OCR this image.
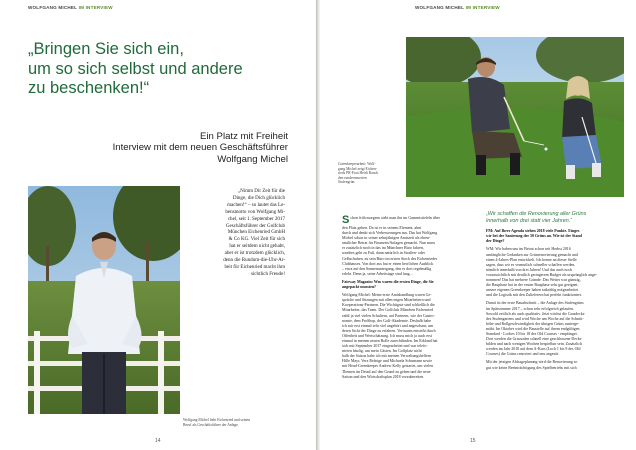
WOLFGANG MICHEL IM INTERVIEW
„Bringen Sie sich ein,
um so sich selbst und andere
zu beschenken!“
Ein Platz mit Freiheit
Interview mit dem neuen Geschäftsführer
Wolfgang Michel
„Nimm Dir Zeit für die
Dinge, die Dich glücklich
machen!“ – so lautet das Le-
bensmotto von Wolfgang Mi-
chel, seit 1. September 2017
Geschäftsführer der Golfclub
München Eichenried GmbH
& Co KG. Viel Zeit für sich
hat er seitdem nicht gehabt,
aber er ist trotzdem glücklich,
denn die Rundum-die-Uhr-Ar-
beit für Eichenried macht ihm
sichtlich Freude!
Wolfgang Michel liebt Eichenried und seinen
Beruf als Geschäftsführer der Anlage.
14
WOLFGANG MICHEL IM INTERVIEW
Greenkeeperarbeit: Wolf-
gang Michel zeigt Eichen-
rieds PR-Frau Heidi Rauch
den runderneuerten
Stufengrün.

Schon früh morgens sieht man ihn im Gummistiefeln über
den Platz gehen. Da ist er in seinem Element, ahnt
durch und denkt sich Verbesserungen aus. Das hat Wolfgang
Michel schon in seiner zehnjährigen Amtszeit als ehren-
amtlicher Beirat für Finanzen/Anlagen gemacht. Nun muss
er zusätzlich noch in das im Münchner Büro fahren,
sondern geht zu Fuß, dann natürlich in Straßen- oder
Gelbschuhen, zu sein Büro im ersten Stock des Eichenrieder
Clubhauses. Von dort aus hat er einen herrlichen Ausblick
– etwa auf den Sonnenuntergang, den er dort regelmäßig
erlebt. Denn ja, seine Arbeitstage sind lang…

Fairway Magazin: Was waren die ersten Dinge, die Sie
angepackt mussten?

Wolfgang Michel: Meine erste Amtshandlung waren Ge-
spräche und Sitzungen mit allen engen Mitarbeitern und
Kooperations-Partnern. Die Wichtigste sind schließlich die
Mitarbeiter, das Team. Der Golfclub München Eichenried
zahlt ja viel vielen Schultern, auf Partnern, wie der Gastro-
nomie, dem ProShop, der Golf-Akademie. Deshalb habe
ich mir erst einmal sehr viel angehört und angeschaut, um
deren Sicht der Dinge zu erfahren. Vertrauen entsteht durch
Offenheit und Wertschätzung. Ich muss mich ja auch erst
einmal in meinen neuen Rolle zurechtfinden. Im Erkland hat
sich mit September 2017 eingearbeitet und war telefo-
nieren häufig, um mein Gästen. Im Golfplatz nicht
halb der Saison habe ich mit meinen Verwaltungshelfern
Hille Mayr, Vera Rehrige und Michaela Schumann sowie
mit Head-Greenkeeper Andrew Kelly gestartet, um vielen
Themen im Detail auf den Grund zu gehen und die neue
Saison und den Wirtschaftsplan 2018 vorzubereiten.

„Wir schaffen die Renovierung aller Grüns
innerhalb von drei statt vier Jahren.“

FM: Auf Ihrer Agenda stehen 2018 viele Punkte. Einges
wir bei der Sanierung der 50 Grüns an. Wie ist der Stand
der Dinge?

WM: Wir haben uns im Beirat schon seit Herbst 2016
umfängliche Gedanken zur Grünrenovierung gemacht und
einen 4-Jahres-Plan entwickelt. Ich kenne an dieser Stelle
sagen, dass wir es vermutlich schneller schaffen werden,
nämlich innerhalb von drei Jahren! Und das auch noch
voraussichtlich mit deutlich geringerem Budget als ursprünglich ange-
nommen! Das hat mehrere Gründe: Das Wetter war günstig,
die Bauphase hat in der ersten Bauphase sehr gut geeignet,
unsere eigenen Greenkeeper haben tatkräftig mitgearbeitet
und die Logistik mit den Zulieferern hat perfekt funktioniert.

Damit ist der erste Bauabschnitt – die Anlage des Stufengrüns
im Spätsommer 2017 – schon sehr erfolgreich gelaufen.
Sowohl zeitlich als auch qualitativ. Jetzt wächst die Grasdecke
des Stufengartens und wird Woche um Woche auf die Schnitt-
höhe und Rollgeschwindigkeit der übrigen Grüns runterge-
mäht. Im Oktober wird die Baustelle auf ihrem endgültigen
Standard - Loches 10 bis 18 des Old Courses - empfänget.
Dort werden die Grassoden schnell eine geschlossene Decke
bilden und nach wenigen Wochen bespielbar sein. Zusätzlich
werden im Jahr 2018 auf dem A-Kurs (Loch 1 bis 9 des Old
Courses) die Grüns renoviert und neu angesät.

Mit der jetzigen Abfrageplanung wird die Renovierung so
gut wie keine Beeinträchtigung des Spielbetriebs mit sich

15
